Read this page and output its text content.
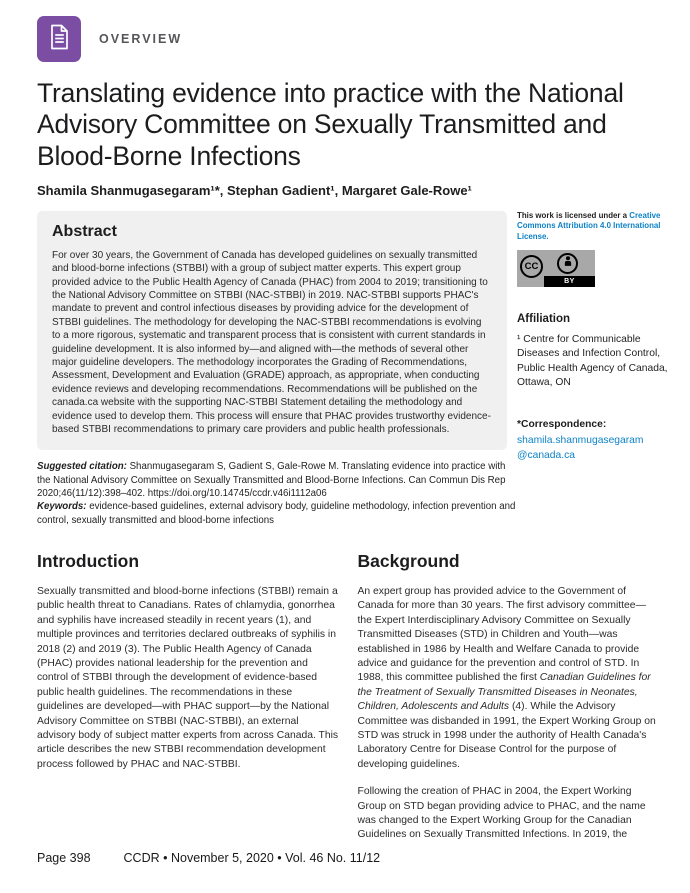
OVERVIEW
Translating evidence into practice with the National Advisory Committee on Sexually Transmitted and Blood-Borne Infections
Shamila Shanmugasegaram¹*, Stephan Gadient¹, Margaret Gale-Rowe¹
Abstract

For over 30 years, the Government of Canada has developed guidelines on sexually transmitted and blood-borne infections (STBBI) with a group of subject matter experts. This expert group provided advice to the Public Health Agency of Canada (PHAC) from 2004 to 2019; transitioning to the National Advisory Committee on STBBI (NAC-STBBI) in 2019. NAC-STBBI supports PHAC's mandate to prevent and control infectious diseases by providing advice for the development of STBBI guidelines. The methodology for developing the NAC-STBBI recommendations is evolving to a more rigorous, systematic and transparent process that is consistent with current standards in guideline development. It is also informed by—and aligned with—the methods of several other major guideline developers. The methodology incorporates the Grading of Recommendations, Assessment, Development and Evaluation (GRADE) approach, as appropriate, when conducting evidence reviews and developing recommendations. Recommendations will be published on the canada.ca website with the supporting NAC-STBBI Statement detailing the methodology and evidence used to develop them. This process will ensure that PHAC provides trustworthy evidence-based STBBI recommendations to primary care providers and public health professionals.

Suggested citation: Shanmugasegaram S, Gadient S, Gale-Rowe M. Translating evidence into practice with the National Advisory Committee on Sexually Transmitted and Blood-Borne Infections. Can Commun Dis Rep 2020;46(11/12):398–402. https://doi.org/10.14745/ccdr.v46i1112a06
Keywords: evidence-based guidelines, external advisory body, guideline methodology, infection prevention and control, sexually transmitted and blood-borne infections
This work is licensed under a Creative Commons Attribution 4.0 International License.
CC
BY
Affiliation

¹ Centre for Communicable Diseases and Infection Control, Public Health Agency of Canada, Ottawa, ON

*Correspondence:
shamila.shanmugasegaram@canada.ca
Introduction

Sexually transmitted and blood-borne infections (STBBI) remain a public health threat to Canadians. Rates of chlamydia, gonorrhea and syphilis have increased steadily in recent years (1), and multiple provinces and territories declared outbreaks of syphilis in 2018 (2) and 2019 (3). The Public Health Agency of Canada (PHAC) provides national leadership for the prevention and control of STBBI through the development of evidence-based public health guidelines. The recommendations in these guidelines are developed—with PHAC support—by the National Advisory Committee on STBBI (NAC-STBBI), an external advisory body of subject matter experts from across Canada. This article describes the new STBBI recommendation development process followed by PHAC and NAC-STBBI.

Background

An expert group has provided advice to the Government of Canada for more than 30 years. The first advisory committee—the Expert Interdisciplinary Advisory Committee on Sexually Transmitted Diseases (STD) in Children and Youth—was established in 1986 by Health and Welfare Canada to provide advice and guidance for the prevention and control of STD. In 1988, this committee published the first Canadian Guidelines for the Treatment of Sexually Transmitted Diseases in Neonates, Children, Adolescents and Adults (4). While the Advisory Committee was disbanded in 1991, the Expert Working Group on STD was struck in 1998 under the authority of Health Canada's Laboratory Centre for Disease Control for the purpose of developing guidelines.

Following the creation of PHAC in 2004, the Expert Working Group on STD began providing advice to PHAC, and the name was changed to the Expert Working Group for the Canadian Guidelines on Sexually Transmitted Infections. In 2019, the

Page 398	CCDR • November 5, 2020 • Vol. 46 No. 11/12
